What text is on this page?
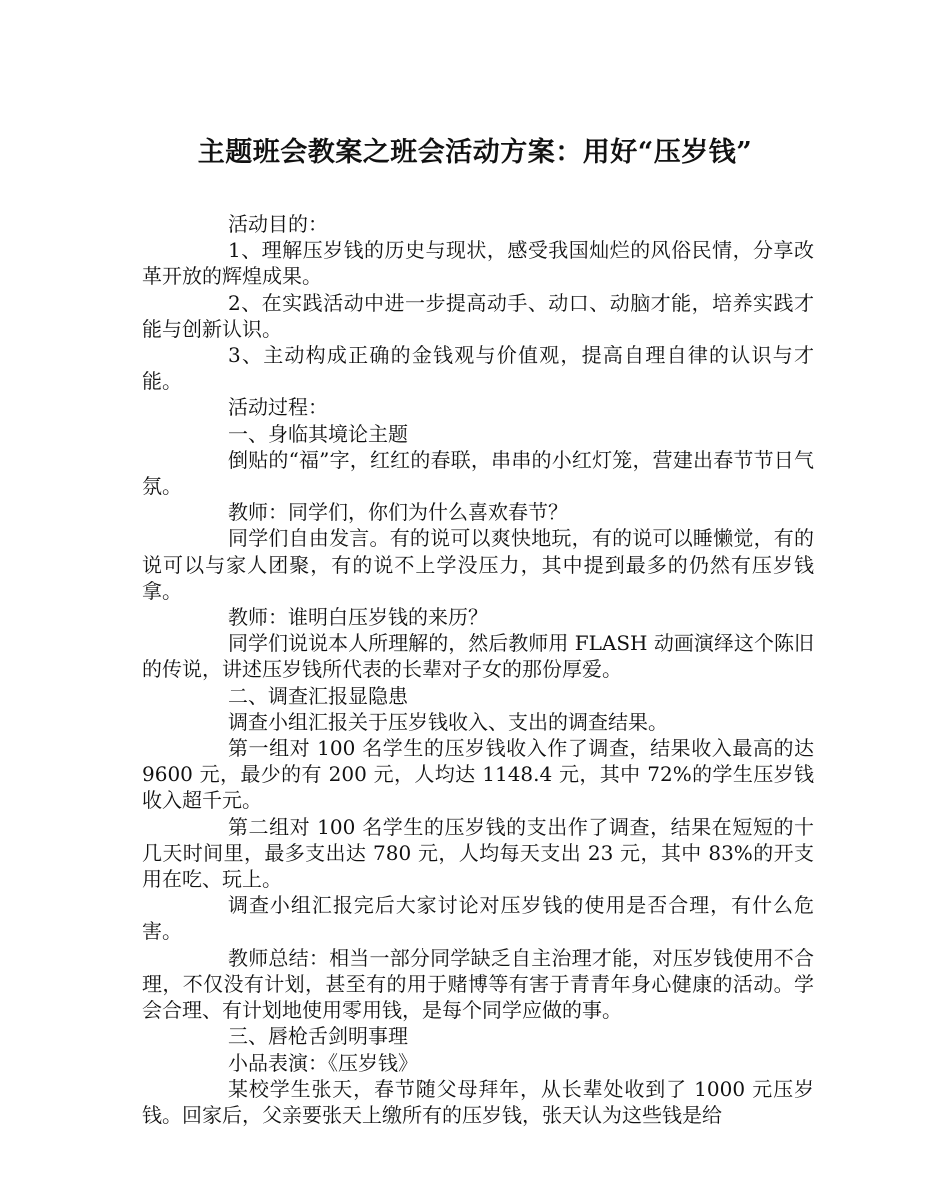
主题班会教案之班会活动方案：用好“压岁钱”

活动目的：

1、理解压岁钱的历史与现状，感受我国灿烂的风俗民情，分享改革开放的辉煌成果。

2、在实践活动中进一步提高动手、动口、动脑才能，培养实践才能与创新认识。

3、主动构成正确的金钱观与价值观，提高自理自律的认识与才能。

活动过程：

一、身临其境论主题

倒贴的“福”字，红红的春联，串串的小红灯笼，营建出春节节日气氛。

教师：同学们，你们为什么喜欢春节？

同学们自由发言。有的说可以爽快地玩，有的说可以睡懒觉，有的说可以与家人团聚，有的说不上学没压力，其中提到最多的仍然有压岁钱拿。

教师：谁明白压岁钱的来历？

同学们说说本人所理解的，然后教师用 FLASH 动画演绎这个陈旧的传说，讲述压岁钱所代表的长辈对子女的那份厚爱。

二、调查汇报显隐患

调查小组汇报关于压岁钱收入、支出的调查结果。

第一组对 100 名学生的压岁钱收入作了调查，结果收入最高的达 9600 元，最少的有 200 元，人均达 1148.4 元，其中 72%的学生压岁钱收入超千元。

第二组对 100 名学生的压岁钱的支出作了调查，结果在短短的十几天时间里，最多支出达 780 元，人均每天支出 23 元，其中 83%的开支用在吃、玩上。

调查小组汇报完后大家讨论对压岁钱的使用是否合理，有什么危害。

教师总结：相当一部分同学缺乏自主治理才能，对压岁钱使用不合理，不仅没有计划，甚至有的用于赌博等有害于青青年身心健康的活动。学会合理、有计划地使用零用钱，是每个同学应做的事。

三、唇枪舌剑明事理

小品表演：《压岁钱》

某校学生张天，春节随父母拜年，从长辈处收到了 1000 元压岁钱。回家后，父亲要张天上缴所有的压岁钱，张天认为这些钱是给
